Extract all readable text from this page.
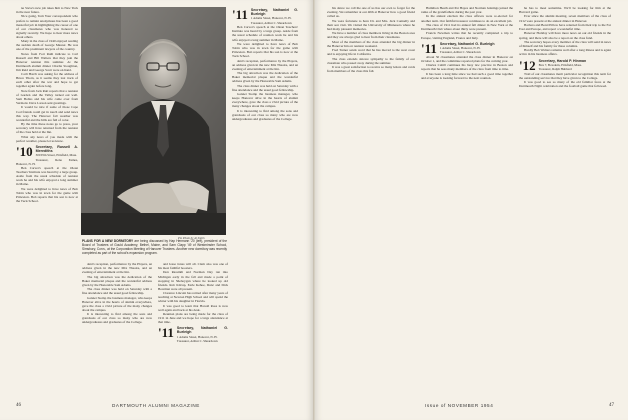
ne Steve's new job takes him to New York in the near future.

Nice going, Tom Your correspondent who prefers to remain anonymous has been a good masterful job in highlighting the career of one of our classmates who was honored so signally recently. We hope to hear more news about others.

Many in the class of 1940 enjoyed reading the sudden death of George Maurer. He was one of the prominent lawyers of the country.

Notes from Fort Ruth indicate to Carl Russell and Bill Walters that they join the Hanover reunion this summer. At the Dartmouth alumni dinner Charlie Stoughton, Jim Reid and George Scott were on hand.

Carlt Hatch was asking for the address of Bruce Thorn, as it seems they lost track of each other after the war and hope to get together again before long.

Note from Jack Rutt reports that a reunion of Garden and the Valley turned out well. Sam Bolles and his wife came over from Vermont. Dave Larson sent greetings.

It would be nice if some of those Cape Cod friends could get in touch and send news this way. The Hanover fall weather was wonderful and the hills are full of color.

By the time these notes go to press, your secretary will have returned from the reunion of the class held at the Inn.

What any news of you made with the perfect weather, please let us know.

'10 Secretary, Russell A. Merediths

300 Elm Street, Pittsfield, Mass.

Treasurer, Rena Eames, Hanover, N. H.

Ben Carver's speech at the Olean Teachers' Institute was heard by a large group. Aside from the usual schedule of reunion work he and his wife enjoyed a long summer in Maine.

We were delighted to have news of Bob Tobin who was in town for the game with Princeton. Bob reports that his son is now at the Tuck School.

Pix Photo by Al Smith
PLANS FOR A NEW DORMITORY are being discussed by Hap Hermann '20 (left), president of the Board of Trustees of Gould Academy, Bethel, Maine, and Sam Clapp '49 of Westminster School, Simsbury, Conn., at the Corporation Meeting of Hanover Trustees. Another new dormitory was recently completed as part of the school's expansion program.

dent's reception, performance by the Players, an address given in the new Mix Theatre, and an evening of entertainment at the Inn.

The big attraction was the dedication of the Baker memorial plaque and the wonderful address given by the Honorable Sam Adams.

The class dinner was held on Saturday with a fine attendance and the usual good fellowship.

Gannet Stomp the business manager, who keeps Hanover alive in the hearts of alumni everywhere, gave the class a vivid picture of the many changes about the campus.

It is interesting to find among the sons and grandsons of our class so many who are now undergraduates and graduates of the College.

and Jesse Jones will all. Clem also was one of his most faithful boosters.

Don Rassinth and Norman Day ran into Michigan early in the fall and made a point of stopping in Sheboygan where he looked up old friends. Rob Kilcup, Earle Kehoe, Dunc and Dick Bowman were all present.

Clarence Lincoln has retired after many years of teaching at Newton High School and will spend the winter with his daughter in Florida.

It was good to learn that Harold Ross is now well again and back at his desk.

Reunion plans are being made for the class of 1911 in June and we hope for a large attendance at that time.

'11 Secretary, Nathaniel G. Burleigh

1 Adams Street, Hanover, N. H.

Treasurer, Arthur C. Sheardown

'11 Secretary, Nathaniel G. Burleigh

1 Adams Street, Hanover, N. H.

Treasurer, Arthur C. Sheardown

Ben Carver's speech at the Olean Teachers' Institute was heard by a large group. Aside from the usual schedule of reunion work he and his wife enjoyed a long summer in Maine.

We were delighted to have news of Bob Tobin who was in town for the game with Princeton. Bob reports that his son is now at the Tuck School.

dent's reception, performance by the Players, an address given in the new Mix Theatre, and an evening of entertainment at the Inn.

The big attraction was the dedication of the Baker memorial plaque and the wonderful address given by the Honorable Sam Adams.

The class dinner was held on Saturday with a fine attendance and the usual good fellowship.

Gannet Stomp the business manager, who keeps Hanover alive in the hearts of alumni everywhere, gave the class a vivid picture of the many changes about the campus.

It is interesting to find among the sons and grandsons of our class so many who are now undergraduates and graduates of the College.

46	DARTMOUTH ALUMNI MAGAZINE

his dance we call the one of us has our own to forget for the evening. We remember at our 40th at Hanover how a good friend called us.

We were fortunate to have Dr. and Mrs. Jack Connelly and their son visit. We visited the University of Minnesota where he had many pleasant memories.

We have a number of class members living in the Boston area and they are always glad to hear from their classmates.

Most of the members of the class attended the big dinner in the Hanover Inn on reunion weekend.

Fred Turner sends word that he has moved to the west coast and is enjoying life in California.

The class extends sincere sympathy to the family of our classmate who passed away during the summer.

It was a great satisfaction to receive so many letters and cards from members of the class this fall.

Hamilton Heath and Pat Hayes and Norman Jennings joined the ranks of the grandfathers during the past year.

In the annual election the class officers were re-elected for another term. Our faithful treasurer continues to do an excellent job.

The class of 1911 had its annual fall dinner in New York at the Dartmouth Club where about thirty were present.

Francis Newman writes that he recently completed a trip to Europe, visiting England, France and Italy.

'11 Secretary, Nathaniel G. Burleigh

1 Adams Street, Hanover, N. H.

Treasurer, Arthur C. Sheardown

About 50 classmates attended the class dinner in Hanover on October 1, and the committee reported plans for the coming year.

Charles Cahill continues his busy law practice in Boston and reports that he sees many members of the class from time to time.

It has been a long time since we had such a good time together and everyone is looking forward to the next reunion.

he has to meet sometime. We'll be looking for him at the Harvard game.

Ever since the alumni meeting, seven members of the class of 1912 were present at the annual dinner in Hanover.

Barbara and Bond Pillow have returned from their trip to the Far East and Europe, and report a wonderful time.

Hanover Holiday will have more news on our old friends in the spring, and there will also be a report on the class fund.

The secretary hopes every member of the class will send in news of himself and his family for these columns.

Hardly Bob Walters remains well after a long illness and is again active in his business affairs.

'12 Secretary, Harold P. Hinman

Box 7, Bowdoin, Pittsfield, Mass.

Treasurer, Ralph Hubbard

Trail of our classmates merit particular recognition this term for the outstanding service that they have given to the College.

It was good to see so many of the old familiar faces at the Dartmouth Night celebration and the football game that followed.

Issue of NOVEMBER 1954	47
